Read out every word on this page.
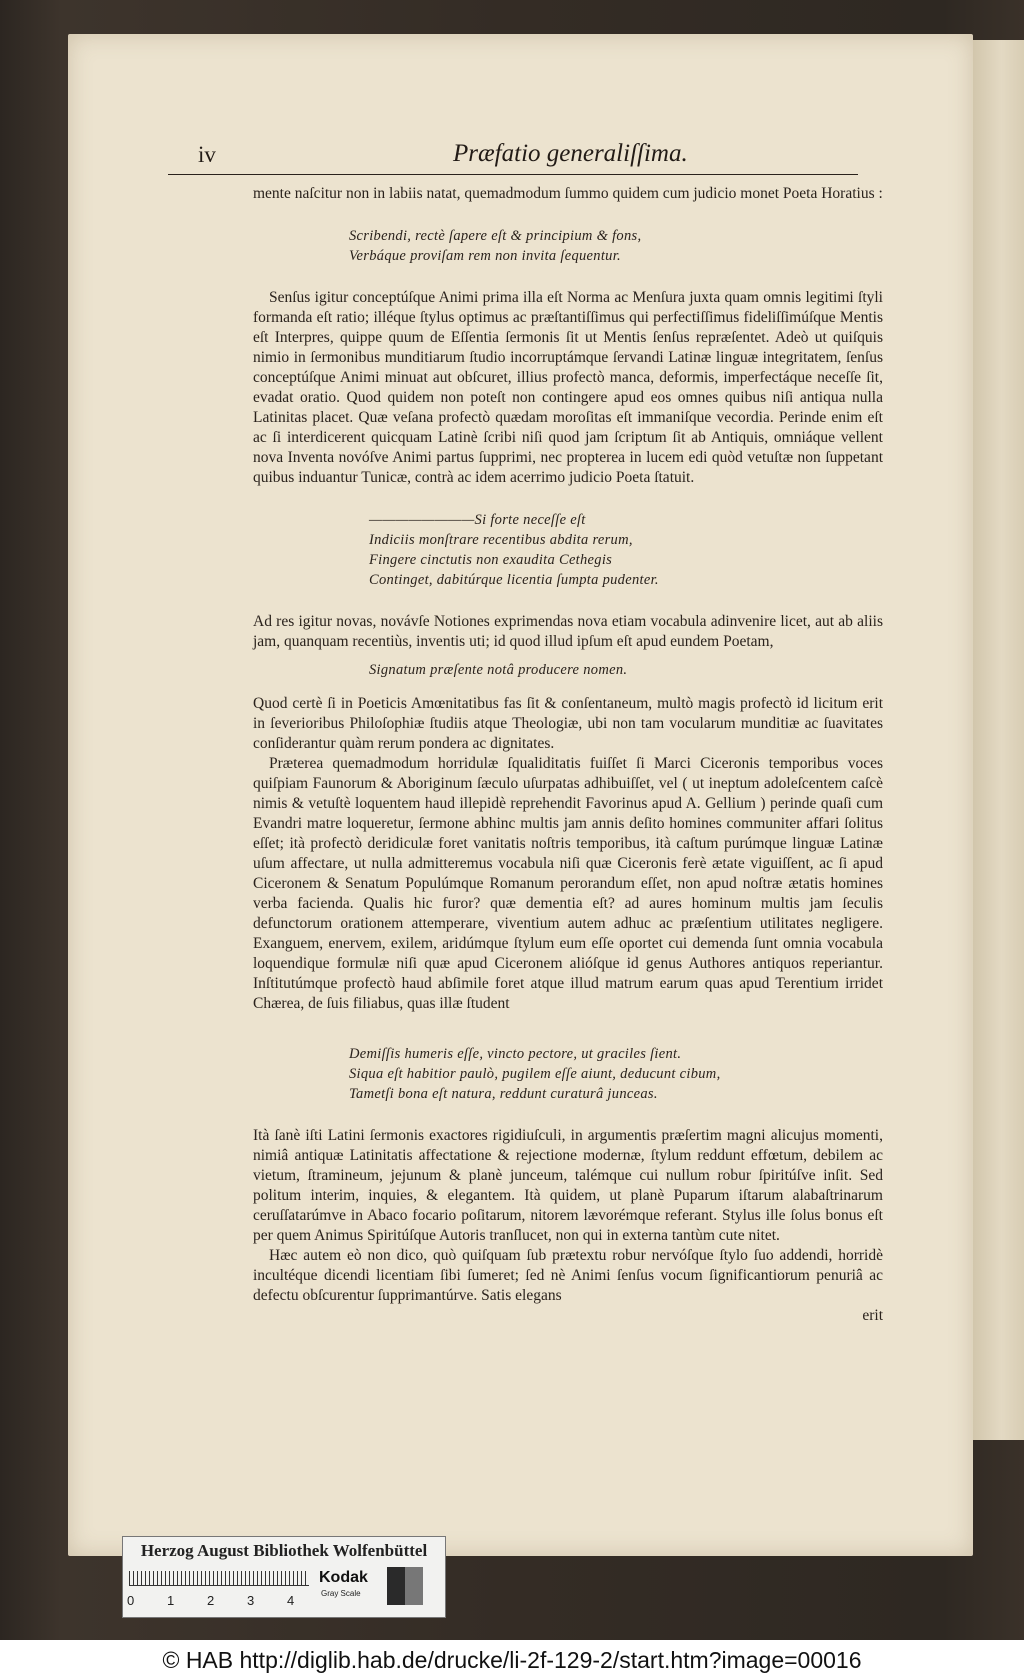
iv	Præfatio generaliſſima.

mente naſcitur non in labiis natat, quemadmodum ſummo quidem cum judicio monet Poeta Horatius :

Scribendi, rectè ſapere eſt & principium & fons,
Verbáque proviſam rem non invita ſequentur.

Senſus igitur conceptúſque Animi prima illa eſt Norma ac Menſura juxta quam omnis legitimi ſtyli formanda eſt ratio; illéque ſtylus optimus ac præſtantiſſimus qui perfectiſſimus fideliſſimúſque Mentis eſt Interpres, quippe quum de Eſſentia ſermonis ſit ut Mentis ſenſus repræſentet. Adeò ut quiſquis nimio in ſermonibus munditiarum ſtudio incorruptámque ſervandi Latinæ linguæ integritatem, ſenſus conceptúſque Animi minuat aut obſcuret, illius profectò manca, deformis, imperfectáque neceſſe ſit, evadat oratio. Quod quidem non poteſt non contingere apud eos omnes quibus niſi antiqua nulla Latinitas placet. Quæ veſana profectò quædam moroſitas eſt immaniſque vecordia. Perinde enim eſt ac ſi interdicerent quicquam Latinè ſcribi niſi quod jam ſcriptum ſit ab Antiquis, omniáque vellent nova Inventa novóſve Animi partus ſupprimi, nec propterea in lucem edi quòd vetuſtæ non ſuppetant quibus induantur Tunicæ, contrà ac idem acerrimo judicio Poeta ſtatuit.

————————Si forte neceſſe eſt
Indiciis monſtrare recentibus abdita rerum,
Fingere cinctutis non exaudita Cethegis
Continget, dabitúrque licentia ſumpta pudenter.

Ad res igitur novas, novávſe Notiones exprimendas nova etiam vocabula adinvenire licet, aut ab aliis jam, quanquam recentiùs, inventis uti; id quod illud ipſum eſt apud eundem Poetam,

Signatum præſente notâ producere nomen.

Quod certè ſi in Poeticis Amœnitatibus fas ſit & conſentaneum, multò magis profectò id licitum erit in ſeverioribus Philoſophiæ ſtudiis atque Theologiæ, ubi non tam vocularum munditiæ ac ſuavitates conſiderantur quàm rerum pondera ac dignitates.

Præterea quemadmodum horridulæ ſqualiditatis fuiſſet ſi Marci Ciceronis temporibus voces quiſpiam Faunorum & Aboriginum ſæculo uſurpatas adhibuiſſet, vel ( ut ineptum adoleſcentem caſcè nimis & vetuſtè loquentem haud illepidè reprehendit Favorinus apud A. Gellium ) perinde quaſi cum Evandri matre loqueretur, ſermone abhinc multis jam annis deſito homines communiter affari ſolitus eſſet; ità profectò deridiculæ foret vanitatis noſtris temporibus, ità caſtum purúmque linguæ Latinæ uſum affectare, ut nulla admitteremus vocabula niſi quæ Ciceronis ferè ætate viguiſſent, ac ſi apud Ciceronem & Senatum Populúmque Romanum perorandum eſſet, non apud noſtræ ætatis homines verba facienda. Qualis hic furor? quæ dementia eſt? ad aures hominum multis jam ſeculis defunctorum orationem attemperare, viventium autem adhuc ac præſentium utilitates negligere. Exanguem, enervem, exilem, aridúmque ſtylum eum eſſe oportet cui demenda ſunt omnia vocabula loquendique formulæ niſi quæ apud Ciceronem alióſque id genus Authores antiquos reperiantur. Inſtitutúmque profectò haud abſimile foret atque illud matrum earum quas apud Terentium irridet Chærea, de ſuis filiabus, quas illæ ſtudent

Demiſſis humeris eſſe, vincto pectore, ut graciles ſient.
Siqua eſt habitior paulò, pugilem eſſe aiunt, deducunt cibum,
Tametſi bona eſt natura, reddunt curaturâ junceas.

Ità ſanè iſti Latini ſermonis exactores rigidiuſculi, in argumentis præſertim magni alicujus momenti, nimiâ antiquæ Latinitatis affectatione & rejectione modernæ, ſtylum reddunt effœtum, debilem ac vietum, ſtramineum, jejunum & planè junceum, talémque cui nullum robur ſpiritúſve inſit. Sed politum interim, inquies, & elegantem. Ità quidem, ut planè Puparum iſtarum alabaſtrinarum ceruſſatarúmve in Abaco focario poſitarum, nitorem lævorémque referant. Stylus ille ſolus bonus eſt per quem Animus Spiritúſque Autoris tranſlucet, non qui in externa tantùm cute nitet.

Hæc autem eò non dico, quò quiſquam ſub prætextu robur nervóſque ſtylo ſuo addendi, horridè incultéque dicendi licentiam ſibi ſumeret; ſed nè Animi ſenſus vocum ſignificantiorum penuriâ ac defectu obſcurentur ſupprimantúrve. Satis elegans

erit

Herzog August Bibliothek Wolfenbüttel
0	1	2	3	4
Kodak
Gray Scale
© HAB http://diglib.hab.de/drucke/li-2f-129-2/start.htm?image=00016
